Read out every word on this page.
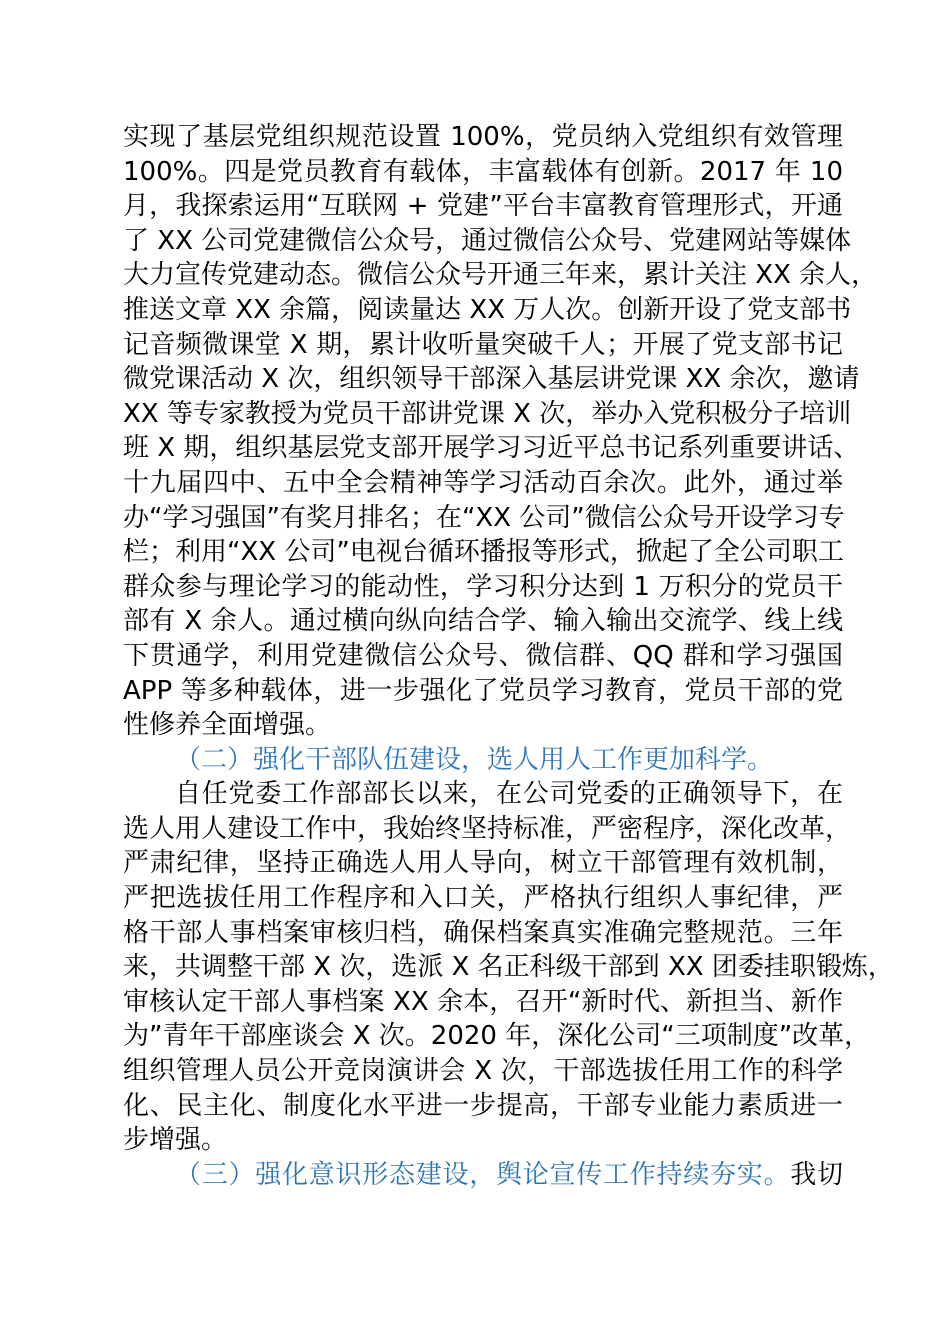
实现了基层党组织规范设置 100%，党员纳入党组织有效管理
100%。四是党员教育有载体，丰富载体有创新。2017 年 10
月，我探索运用“互联网 + 党建”平台丰富教育管理形式，开通
了 XX 公司党建微信公众号，通过微信公众号、党建网站等媒体
大力宣传党建动态。微信公众号开通三年来，累计关注 XX 余人，
推送文章 XX 余篇，阅读量达 XX 万人次。创新开设了党支部书
记音频微课堂 X 期，累计收听量突破千人；开展了党支部书记
微党课活动 X 次，组织领导干部深入基层讲党课 XX 余次，邀请
XX 等专家教授为党员干部讲党课 X 次，举办入党积极分子培训
班 X 期，组织基层党支部开展学习习近平总书记系列重要讲话、
十九届四中、五中全会精神等学习活动百余次。此外，通过举
办“学习强国”有奖月排名；在“XX 公司”微信公众号开设学习专
栏；利用“XX 公司”电视台循环播报等形式，掀起了全公司职工
群众参与理论学习的能动性，学习积分达到 1 万积分的党员干
部有 X 余人。通过横向纵向结合学、输入输出交流学、线上线
下贯通学，利用党建微信公众号、微信群、QQ 群和学习强国
APP 等多种载体，进一步强化了党员学习教育，党员干部的党
性修养全面增强。
（二）强化干部队伍建设，选人用人工作更加科学。
自任党委工作部部长以来，在公司党委的正确领导下，在
选人用人建设工作中，我始终坚持标准，严密程序，深化改革，
严肃纪律，坚持正确选人用人导向，树立干部管理有效机制，
严把选拔任用工作程序和入口关，严格执行组织人事纪律，严
格干部人事档案审核归档，确保档案真实准确完整规范。三年
来，共调整干部 X 次，选派 X 名正科级干部到 XX 团委挂职锻炼，
审核认定干部人事档案 XX 余本，召开“新时代、新担当、新作
为”青年干部座谈会 X 次。2020 年，深化公司“三项制度”改革，
组织管理人员公开竞岗演讲会 X 次，干部选拔任用工作的科学
化、民主化、制度化水平进一步提高，干部专业能力素质进一
步增强。
（三）强化意识形态建设，舆论宣传工作持续夯实。我切
